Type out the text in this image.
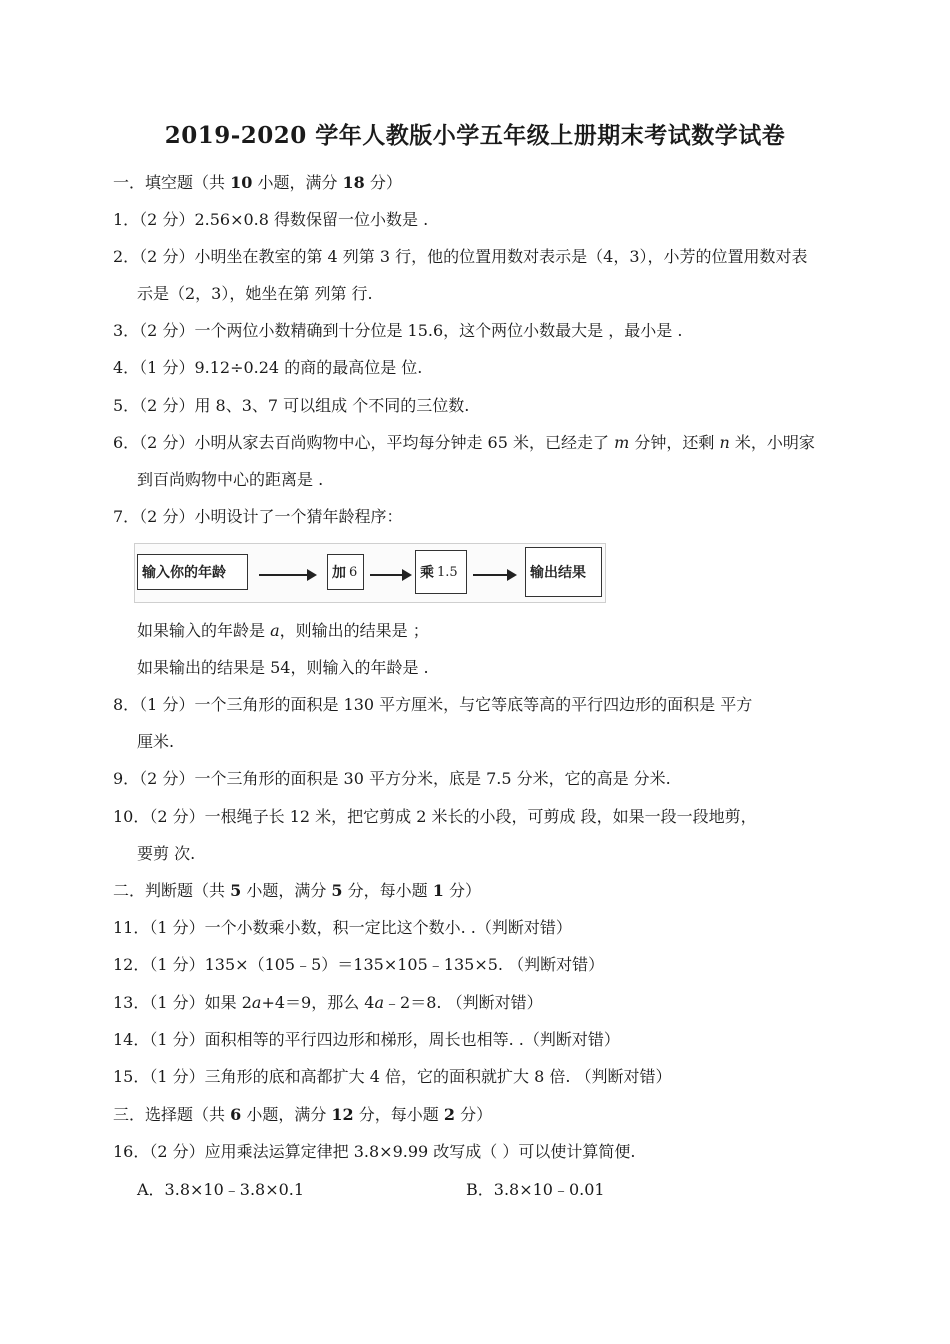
2019-2020 学年人教版小学五年级上册期末考试数学试卷
一．填空题（共 10 小题，满分 18 分）
1．（2 分）2.56×0.8 得数保留一位小数是 .
2．（2 分）小明坐在教室的第 4 列第 3 行，他的位置用数对表示是（4，3），小芳的位置用数对表
示是（2，3），她坐在第 列第 行.
3．（2 分）一个两位小数精确到十分位是 15.6，这个两位小数最大是 ，最小是 .
4．（1 分）9.12÷0.24 的商的最高位是 位.
5．（2 分）用 8、3、7 可以组成 个不同的三位数.
6．（2 分）小明从家去百尚购物中心，平均每分钟走 65 米，已经走了 m 分钟，还剩 n 米，小明家
到百尚购物中心的距离是 .
7．（2 分）小明设计了一个猜年龄程序：
输入你的年龄	加 6	乘 1.5	输出结果
如果输入的年龄是 a，则输出的结果是 ；
如果输出的结果是 54，则输入的年龄是 .
8．（1 分）一个三角形的面积是 130 平方厘米，与它等底等高的平行四边形的面积是 平方
厘米.
9．（2 分）一个三角形的面积是 30 平方分米，底是 7.5 分米，它的高是 分米.
10．（2 分）一根绳子长 12 米，把它剪成 2 米长的小段，可剪成 段，如果一段一段地剪，
要剪 次.
二．判断题（共 5 小题，满分 5 分，每小题 1 分）
11．（1 分）一个小数乘小数，积一定比这个数小. .（判断对错）
12．（1 分）135×（105﹣5）＝135×105﹣135×5. （判断对错）
13．（1 分）如果 2a+4＝9，那么 4a﹣2＝8. （判断对错）
14．（1 分）面积相等的平行四边形和梯形，周长也相等. .（判断对错）
15．（1 分）三角形的底和高都扩大 4 倍，它的面积就扩大 8 倍. （判断对错）
三．选择题（共 6 小题，满分 12 分，每小题 2 分）
16．（2 分）应用乘法运算定律把 3.8×9.99 改写成（ ）可以使计算简便.
A．3.8×10﹣3.8×0.1	B．3.8×10﹣0.01
